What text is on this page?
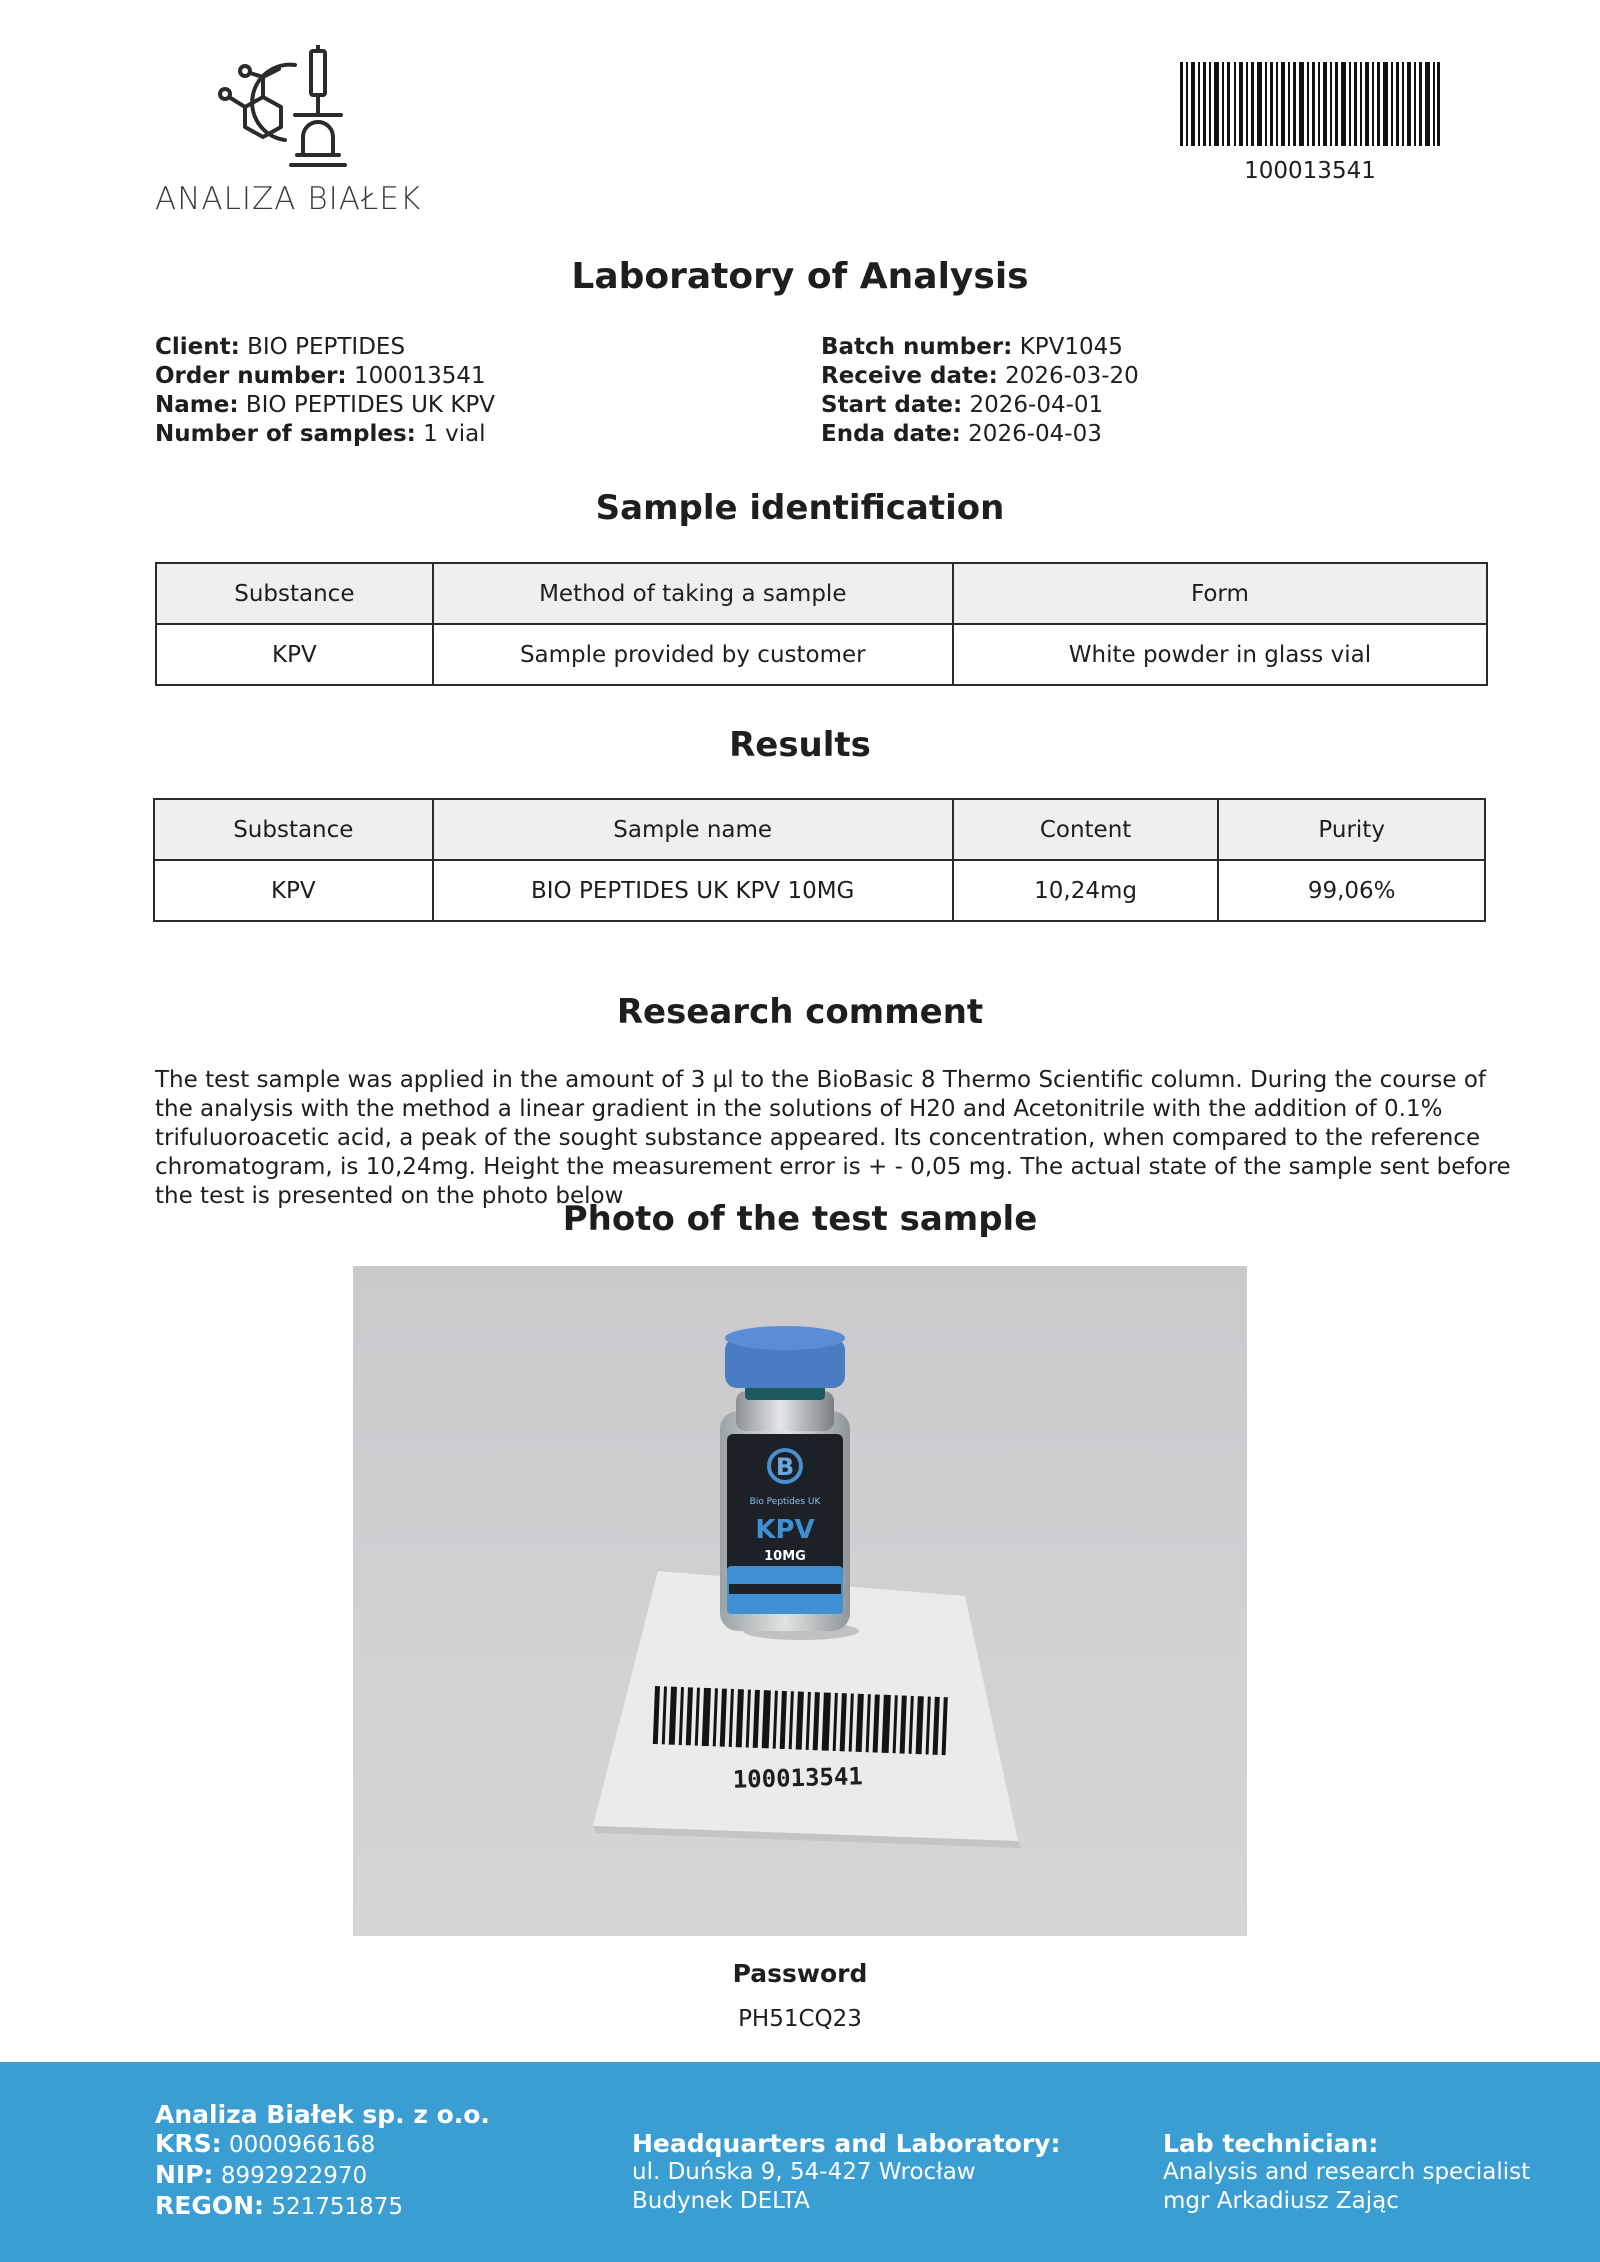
ANALIZA BIAŁEK
100013541
Laboratory of Analysis
Client: BIO PEPTIDES
Order number: 100013541
Name: BIO PEPTIDES UK KPV
Number of samples: 1 vial
Batch number: KPV1045
Receive date: 2026-03-20
Start date: 2026-04-01
Enda date: 2026-04-03
Sample identification
Substance	Method of taking a sample	Form
KPV	Sample provided by customer	White powder in glass vial
Results
Substance	Sample name	Content	Purity
KPV	BIO PEPTIDES UK KPV 10MG	10,24mg	99,06%
Research comment

The test sample was applied in the amount of 3 µl to the BioBasic 8 Thermo Scientific column. During the course of the analysis with the method a linear gradient in the solutions of H20 and Acetonitrile with the addition of 0.1% trifuluoroacetic acid, a peak of the sought substance appeared. Its concentration, when compared to the reference chromatogram, is 10,24mg. Height the measurement error is + - 0,05 mg. The actual state of the sample sent before the test is presented on the photo below

Photo of the test sample
100013541
B
Bio Peptides UK
KPV
10MG
Password
PH51CQ23
Analiza Białek sp. z o.o.
KRS: 0000966168
NIP: 8992922970
REGON: 521751875
Headquarters and Laboratory:
ul. Duńska 9, 54-427 Wrocław
Budynek DELTA
Lab technician:
Analysis and research specialist
mgr Arkadiusz Zając
